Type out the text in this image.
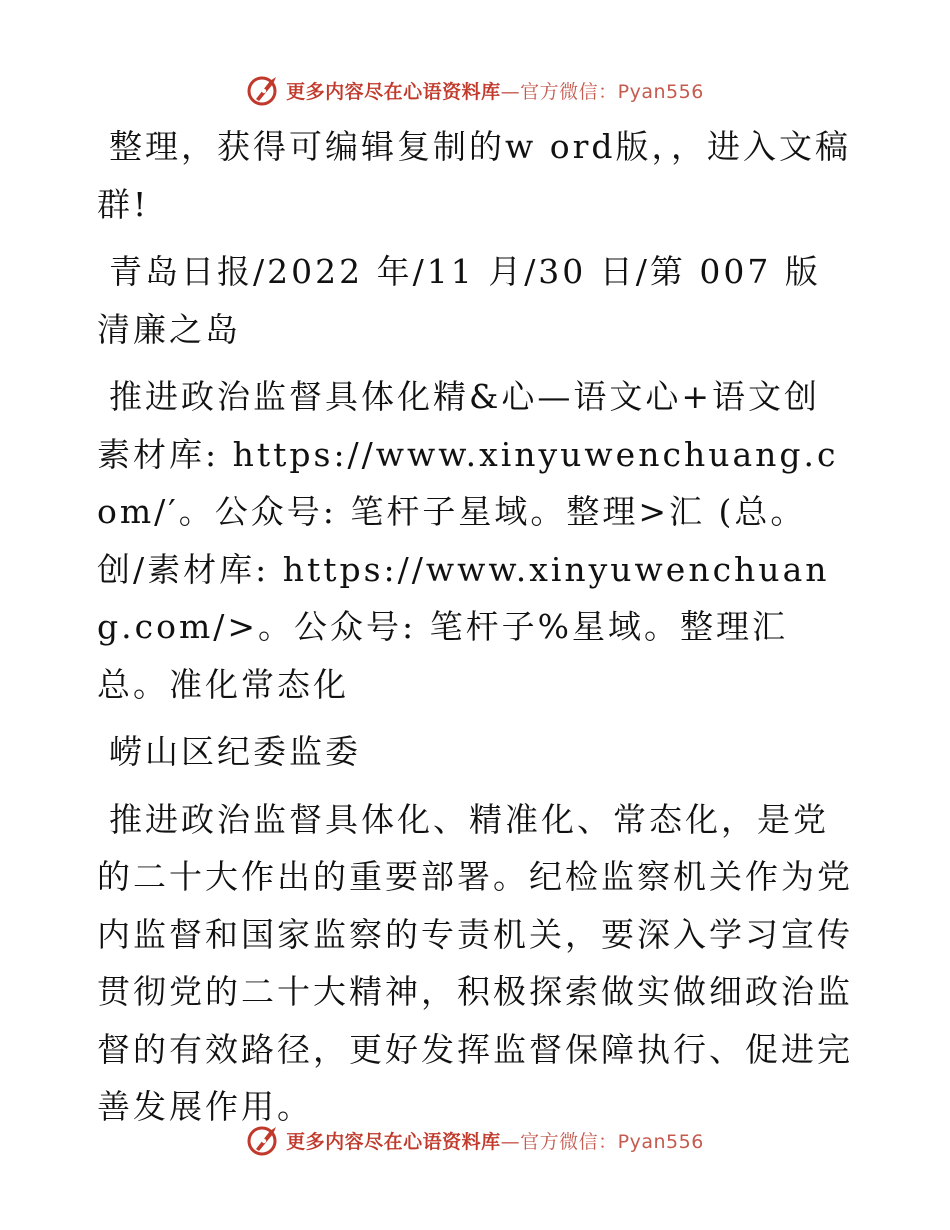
更多内容尽在心语资料库 —官方微信：Pyan556

整理，获得可编辑复制的w ord版，，进入文稿群!

青岛日报/2022 年/11 月/30 日/第 007 版清廉之岛

推进政治监督具体化精&心—语文心+语文创素材库: https://www.xinyuwenchuang.com/′。公众号: 笔杆子星域。整理>汇 (总。创/素材库: https://www.xinyuwenchuang.com/>。公众号: 笔杆子%星域。整理汇总。准化常态化

崂山区纪委监委

推进政治监督具体化、精准化、常态化，是党的二十大作出的重要部署。纪检监察机关作为党内监督和国家监察的专责机关，要深入学习宣传贯彻党的二十大精神，积极探索做实做细政治监督的有效路径，更好发挥监督保障执行、促进完善发展作用。

更多内容尽在心语资料库 —官方微信：Pyan556
